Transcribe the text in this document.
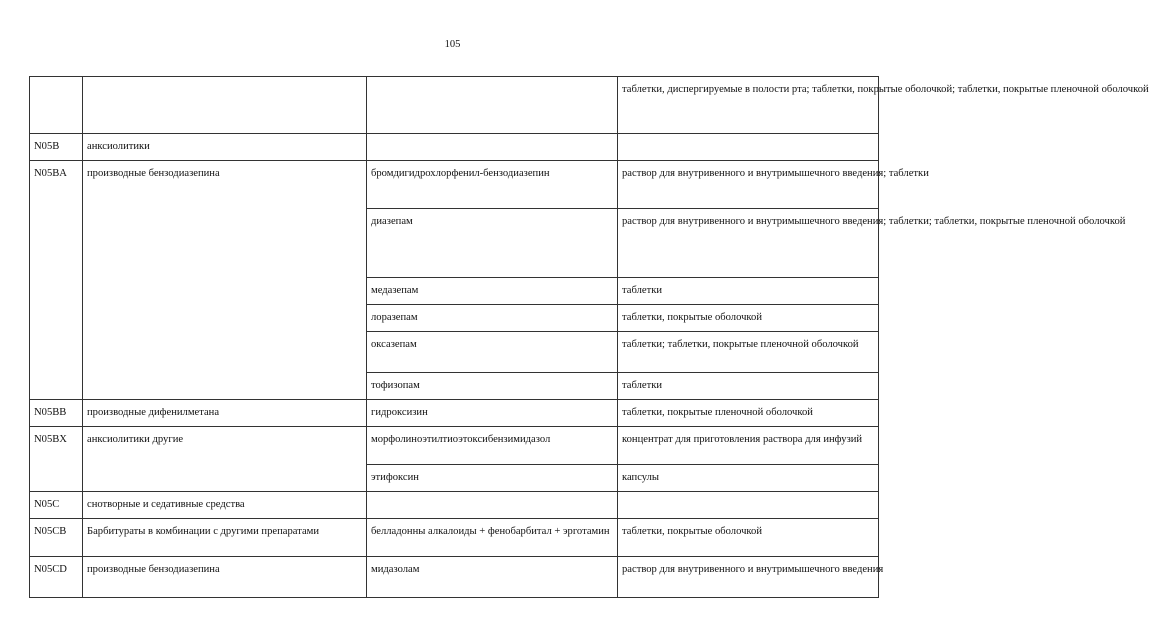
105
			таблетки, диспергируемые в полости рта; таблетки, покрытые оболочкой; таблетки, покрытые пленочной оболочкой
N05B	анксиолитики		
N05BA	производные бензодиазепина	бромдигидрохлорфенил-бензодиазепин	раствор для внутривенного и внутримышечного введения; таблетки
		диазепам	раствор для внутривенного и внутримышечного введения; таблетки; таблетки, покрытые пленочной оболочкой
		медазепам	таблетки
		лоразепам	таблетки, покрытые оболочкой
		оксазепам	таблетки; таблетки, покрытые пленочной оболочкой
		тофизопам	таблетки
N05BB	производные дифенилметана	гидроксизин	таблетки, покрытые пленочной оболочкой
N05BX	анксиолитики другие	морфолиноэтилтиоэтоксибензимидазол	концентрат для приготовления раствора для инфузий
		этифоксин	капсулы
N05C	снотворные и седативные средства		
N05CB	Барбитураты в комбинации с другими препаратами	белладонны алкалоиды + фенобарбитал + эрготамин	таблетки, покрытые оболочкой
N05CD	производные бензодиазепина	мидазолам	раствор для внутривенного и внутримышечного введения
